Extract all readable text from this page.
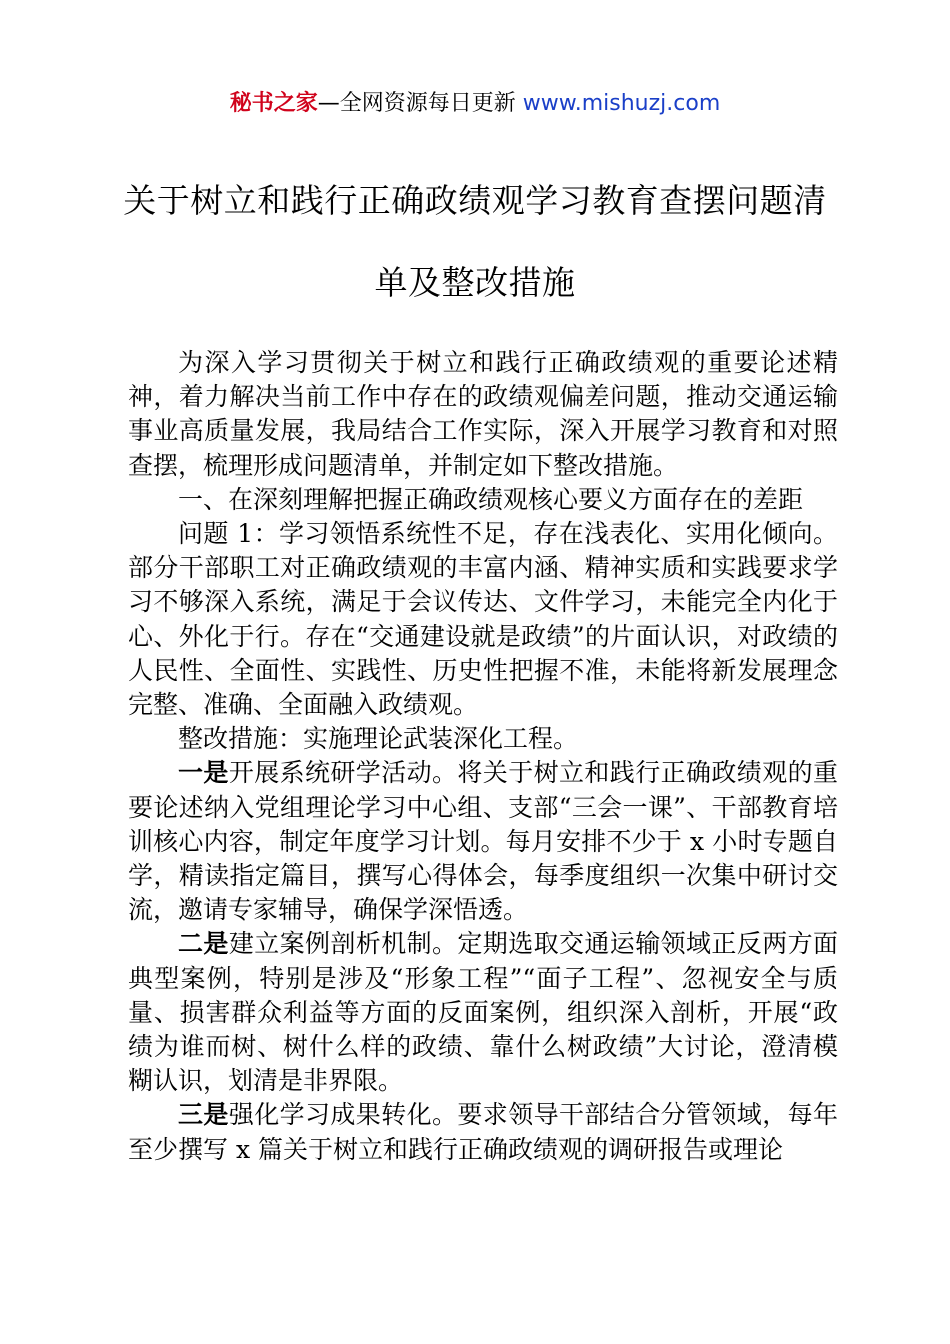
秘书之家—全网资源每日更新 www.mishuzj.com
关于树立和践行正确政绩观学习教育查摆问题清单及整改措施

为深入学习贯彻关于树立和践行正确政绩观的重要论述精神，着力解决当前工作中存在的政绩观偏差问题，推动交通运输事业高质量发展，我局结合工作实际，深入开展学习教育和对照查摆，梳理形成问题清单，并制定如下整改措施。

一、在深刻理解把握正确政绩观核心要义方面存在的差距

问题 1：学习领悟系统性不足，存在浅表化、实用化倾向。部分干部职工对正确政绩观的丰富内涵、精神实质和实践要求学习不够深入系统，满足于会议传达、文件学习，未能完全内化于心、外化于行。存在“交通建设就是政绩”的片面认识，对政绩的人民性、全面性、实践性、历史性把握不准，未能将新发展理念完整、准确、全面融入政绩观。

整改措施：实施理论武装深化工程。

一是开展系统研学活动。将关于树立和践行正确政绩观的重要论述纳入党组理论学习中心组、支部“三会一课”、干部教育培训核心内容，制定年度学习计划。每月安排不少于 x 小时专题自学，精读指定篇目，撰写心得体会，每季度组织一次集中研讨交流，邀请专家辅导，确保学深悟透。

二是建立案例剖析机制。定期选取交通运输领域正反两方面典型案例，特别是涉及“形象工程”“面子工程”、忽视安全与质量、损害群众利益等方面的反面案例，组织深入剖析，开展“政绩为谁而树、树什么样的政绩、靠什么树政绩”大讨论，澄清模糊认识，划清是非界限。

三是强化学习成果转化。要求领导干部结合分管领域，每年至少撰写 x 篇关于树立和践行正确政绩观的调研报告或理论
